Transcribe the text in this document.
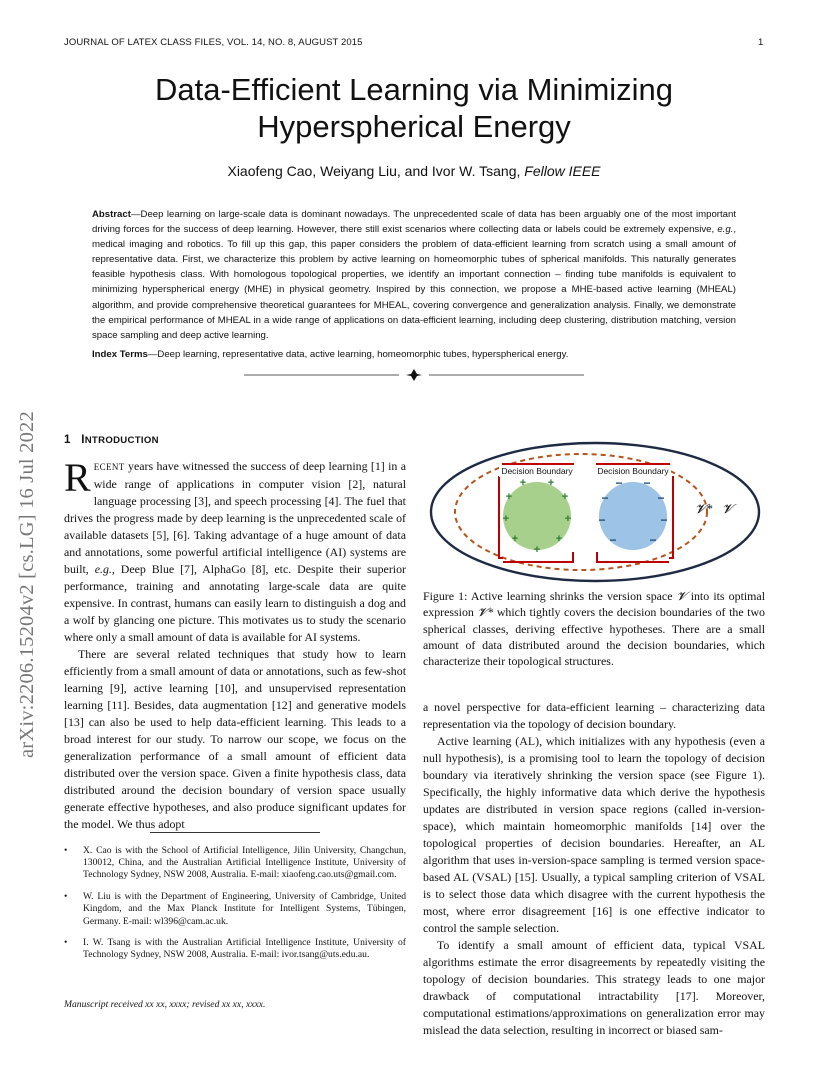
JOURNAL OF LATEX CLASS FILES, VOL. 14, NO. 8, AUGUST 2015	1
Data-Efficient Learning via Minimizing
Hyperspherical Energy
Xiaofeng Cao, Weiyang Liu, and Ivor W. Tsang, Fellow IEEE
Abstract—Deep learning on large-scale data is dominant nowadays. The unprecedented scale of data has been arguably one of the most important driving forces for the success of deep learning. However, there still exist scenarios where collecting data or labels could be extremely expensive, e.g., medical imaging and robotics. To fill up this gap, this paper considers the problem of data-efficient learning from scratch using a small amount of representative data. First, we characterize this problem by active learning on homeomorphic tubes of spherical manifolds. This naturally generates feasible hypothesis class. With homologous topological properties, we identify an important connection – finding tube manifolds is equivalent to minimizing hyperspherical energy (MHE) in physical geometry. Inspired by this connection, we propose a MHE-based active learning (MHEAL) algorithm, and provide comprehensive theoretical guarantees for MHEAL, covering convergence and generalization analysis. Finally, we demonstrate the empirical performance of MHEAL in a wide range of applications on data-efficient learning, including deep clustering, distribution matching, version space sampling and deep active learning.
Index Terms—Deep learning, representative data, active learning, homeomorphic tubes, hyperspherical energy.
arXiv:2206.15204v2 [cs.LG] 16 Jul 2022 1 INTRODUCTION

RECENT years have witnessed the success of deep learning [1] in a wide range of applications in computer vision [2], natural language processing [3], and speech processing [4]. The fuel that drives the progress made by deep learning is the unprecedented scale of available datasets [5], [6]. Taking advantage of a huge amount of data and annotations, some powerful artificial intelligence (AI) systems are built, e.g., Deep Blue [7], AlphaGo [8], etc. Despite their superior performance, training and annotating large-scale data are quite expensive. In contrast, humans can easily learn to distinguish a dog and a wolf by glancing one picture. This motivates us to study the scenario where only a small amount of data is available for AI systems.

There are several related techniques that study how to learn efficiently from a small amount of data or annotations, such as few-shot learning [9], active learning [10], and unsupervised representation learning [11]. Besides, data augmentation [12] and generative models [13] can also be used to help data-efficient learning. This leads to a broad interest for our study. To narrow our scope, we focus on the generalization performance of a small amount of efficient data distributed over the version space. Given a finite hypothesis class, data distributed around the decision boundary of version space usually generate effective hypotheses, and also produce significant updates for the model. We thus adopt

• X. Cao is with the School of Artificial Intelligence, Jilin University, Changchun, 130012, China, and the Australian Artificial Intelligence Institute, University of Technology Sydney, NSW 2008, Australia. E-mail: xiaofeng.cao.uts@gmail.com.
• W. Liu is with the Department of Engineering, University of Cambridge, United Kingdom, and the Max Planck Institute for Intelligent Systems, Tübingen, Germany. E-mail: wl396@cam.ac.uk.
• I. W. Tsang is with the Australian Artificial Intelligence Institute, University of Technology Sydney, NSW 2008, Australia. E-mail: ivor.tsang@uts.edu.au.
Manuscript received xx xx, xxxx; revised xx xx, xxxx.
Decision Boundary	Decision Boundary
+ +
+	+
+	+
+	+
+
− −
−	−
−	−
−	−
𝓥* 𝓥
Figure 1: Active learning shrinks the version space 𝓥 into its optimal expression 𝓥* which tightly covers the decision boundaries of the two spherical classes, deriving effective hypotheses. There are a small amount of data distributed around the decision boundaries, which characterize their topological structures.

a novel perspective for data-efficient learning – characterizing data representation via the topology of decision boundary.

Active learning (AL), which initializes with any hypothesis (even a null hypothesis), is a promising tool to learn the topology of decision boundary via iteratively shrinking the version space (see Figure 1). Specifically, the highly informative data which derive the hypothesis updates are distributed in version space regions (called in-version-space), which maintain homeomorphic manifolds [14] over the topological properties of decision boundaries. Hereafter, an AL algorithm that uses in-version-space sampling is termed version space-based AL (VSAL) [15]. Usually, a typical sampling criterion of VSAL is to select those data which disagree with the current hypothesis the most, where error disagreement [16] is one effective indicator to control the sample selection.

To identify a small amount of efficient data, typical VSAL algorithms estimate the error disagreements by repeatedly visiting the topology of decision boundaries. This strategy leads to one major drawback of computational intractability [17]. Moreover, computational estimations/approximations on generalization error may mislead the data selection, resulting in incorrect or biased sam-
